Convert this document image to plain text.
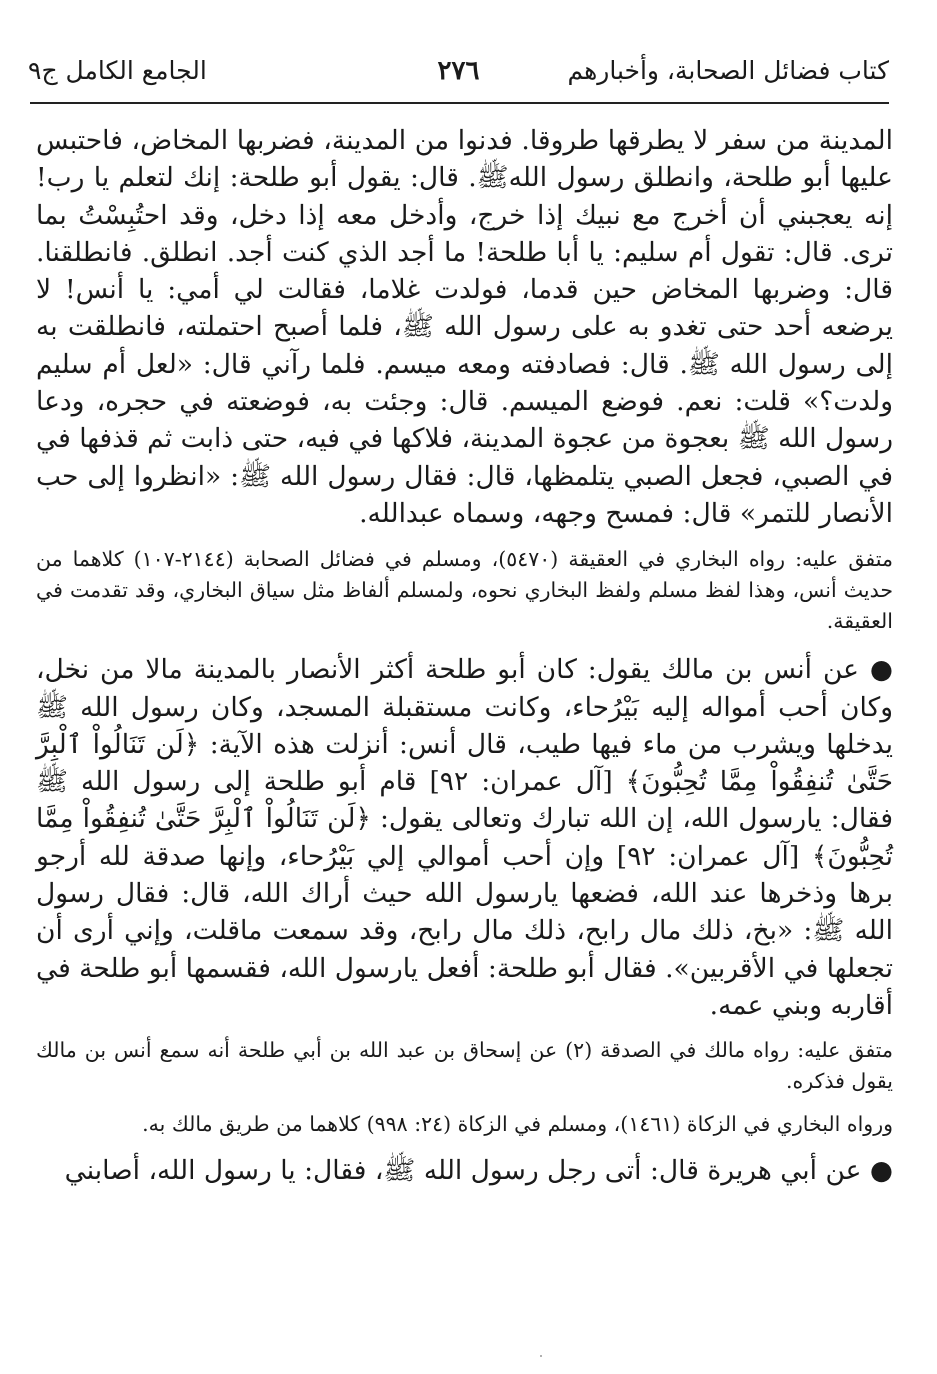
كتاب فضائل الصحابة، وأخبارهم
٢٧٦
الجامع الكامل ج٩

المدينة من سفر لا يطرقها طروقا. فدنوا من المدينة، فضربها المخاض، فاحتبس عليها أبو طلحة، وانطلق رسول اللهﷺ. قال: يقول أبو طلحة: إنك لتعلم يا رب! إنه يعجبني أن أخرج مع نبيك إذا خرج، وأدخل معه إذا دخل، وقد احتُبِسْتُ بما ترى. قال: تقول أم سليم: يا أبا طلحة! ما أجد الذي كنت أجد. انطلق. فانطلقنا. قال: وضربها المخاض حين قدما، فولدت غلاما، فقالت لي أمي: يا أنس! لا يرضعه أحد حتى تغدو به على رسول الله ﷺ، فلما أصبح احتملته، فانطلقت به إلى رسول الله ﷺ. قال: فصادفته ومعه ميسم. فلما رآني قال: «لعل أم سليم ولدت؟» قلت: نعم. فوضع الميسم. قال: وجئت به، فوضعته في حجره، ودعا رسول الله ﷺ بعجوة من عجوة المدينة، فلاكها في فيه، حتى ذابت ثم قذفها في في الصبي، فجعل الصبي يتلمظها، قال: فقال رسول الله ﷺ: «انظروا إلى حب الأنصار للتمر» قال: فمسح وجهه، وسماه عبدالله.

متفق عليه: رواه البخاري في العقيقة (٥٤٧٠)، ومسلم في فضائل الصحابة (٢١٤٤-١٠٧) كلاهما من حديث أنس، وهذا لفظ مسلم ولفظ البخاري نحوه، ولمسلم ألفاظ مثل سياق البخاري، وقد تقدمت في العقيقة.

● عن أنس بن مالك يقول: كان أبو طلحة أكثر الأنصار بالمدينة مالا من نخل، وكان أحب أمواله إليه بَيْرُحاء، وكانت مستقبلة المسجد، وكان رسول الله ﷺ يدخلها ويشرب من ماء فيها طيب، قال أنس: أنزلت هذه الآية: ﴿لَن تَنَالُواْ ٱلْبِرَّ حَتَّىٰ تُنفِقُواْ مِمَّا تُحِبُّونَ﴾ [آل عمران: ٩٢] قام أبو طلحة إلى رسول الله ﷺ فقال: يارسول الله، إن الله تبارك وتعالى يقول: ﴿لَن تَنَالُواْ ٱلْبِرَّ حَتَّىٰ تُنفِقُواْ مِمَّا تُحِبُّونَ﴾ [آل عمران: ٩٢] وإن أحب أموالي إلي بَيْرُحاء، وإنها صدقة لله أرجو برها وذخرها عند الله، فضعها يارسول الله حيث أراك الله، قال: فقال رسول الله ﷺ: «بخ، ذلك مال رابح، ذلك مال رابح، وقد سمعت ماقلت، وإني أرى أن تجعلها في الأقربين». فقال أبو طلحة: أفعل يارسول الله، فقسمها أبو طلحة في أقاربه وبني عمه.

متفق عليه: رواه مالك في الصدقة (٢) عن إسحاق بن عبد الله بن أبي طلحة أنه سمع أنس بن مالك يقول فذكره.

ورواه البخاري في الزكاة (١٤٦١)، ومسلم في الزكاة (٢٤: ٩٩٨) كلاهما من طريق مالك به.

● عن أبي هريرة قال: أتى رجل رسول الله ﷺ، فقال: يا رسول الله، أصابني
